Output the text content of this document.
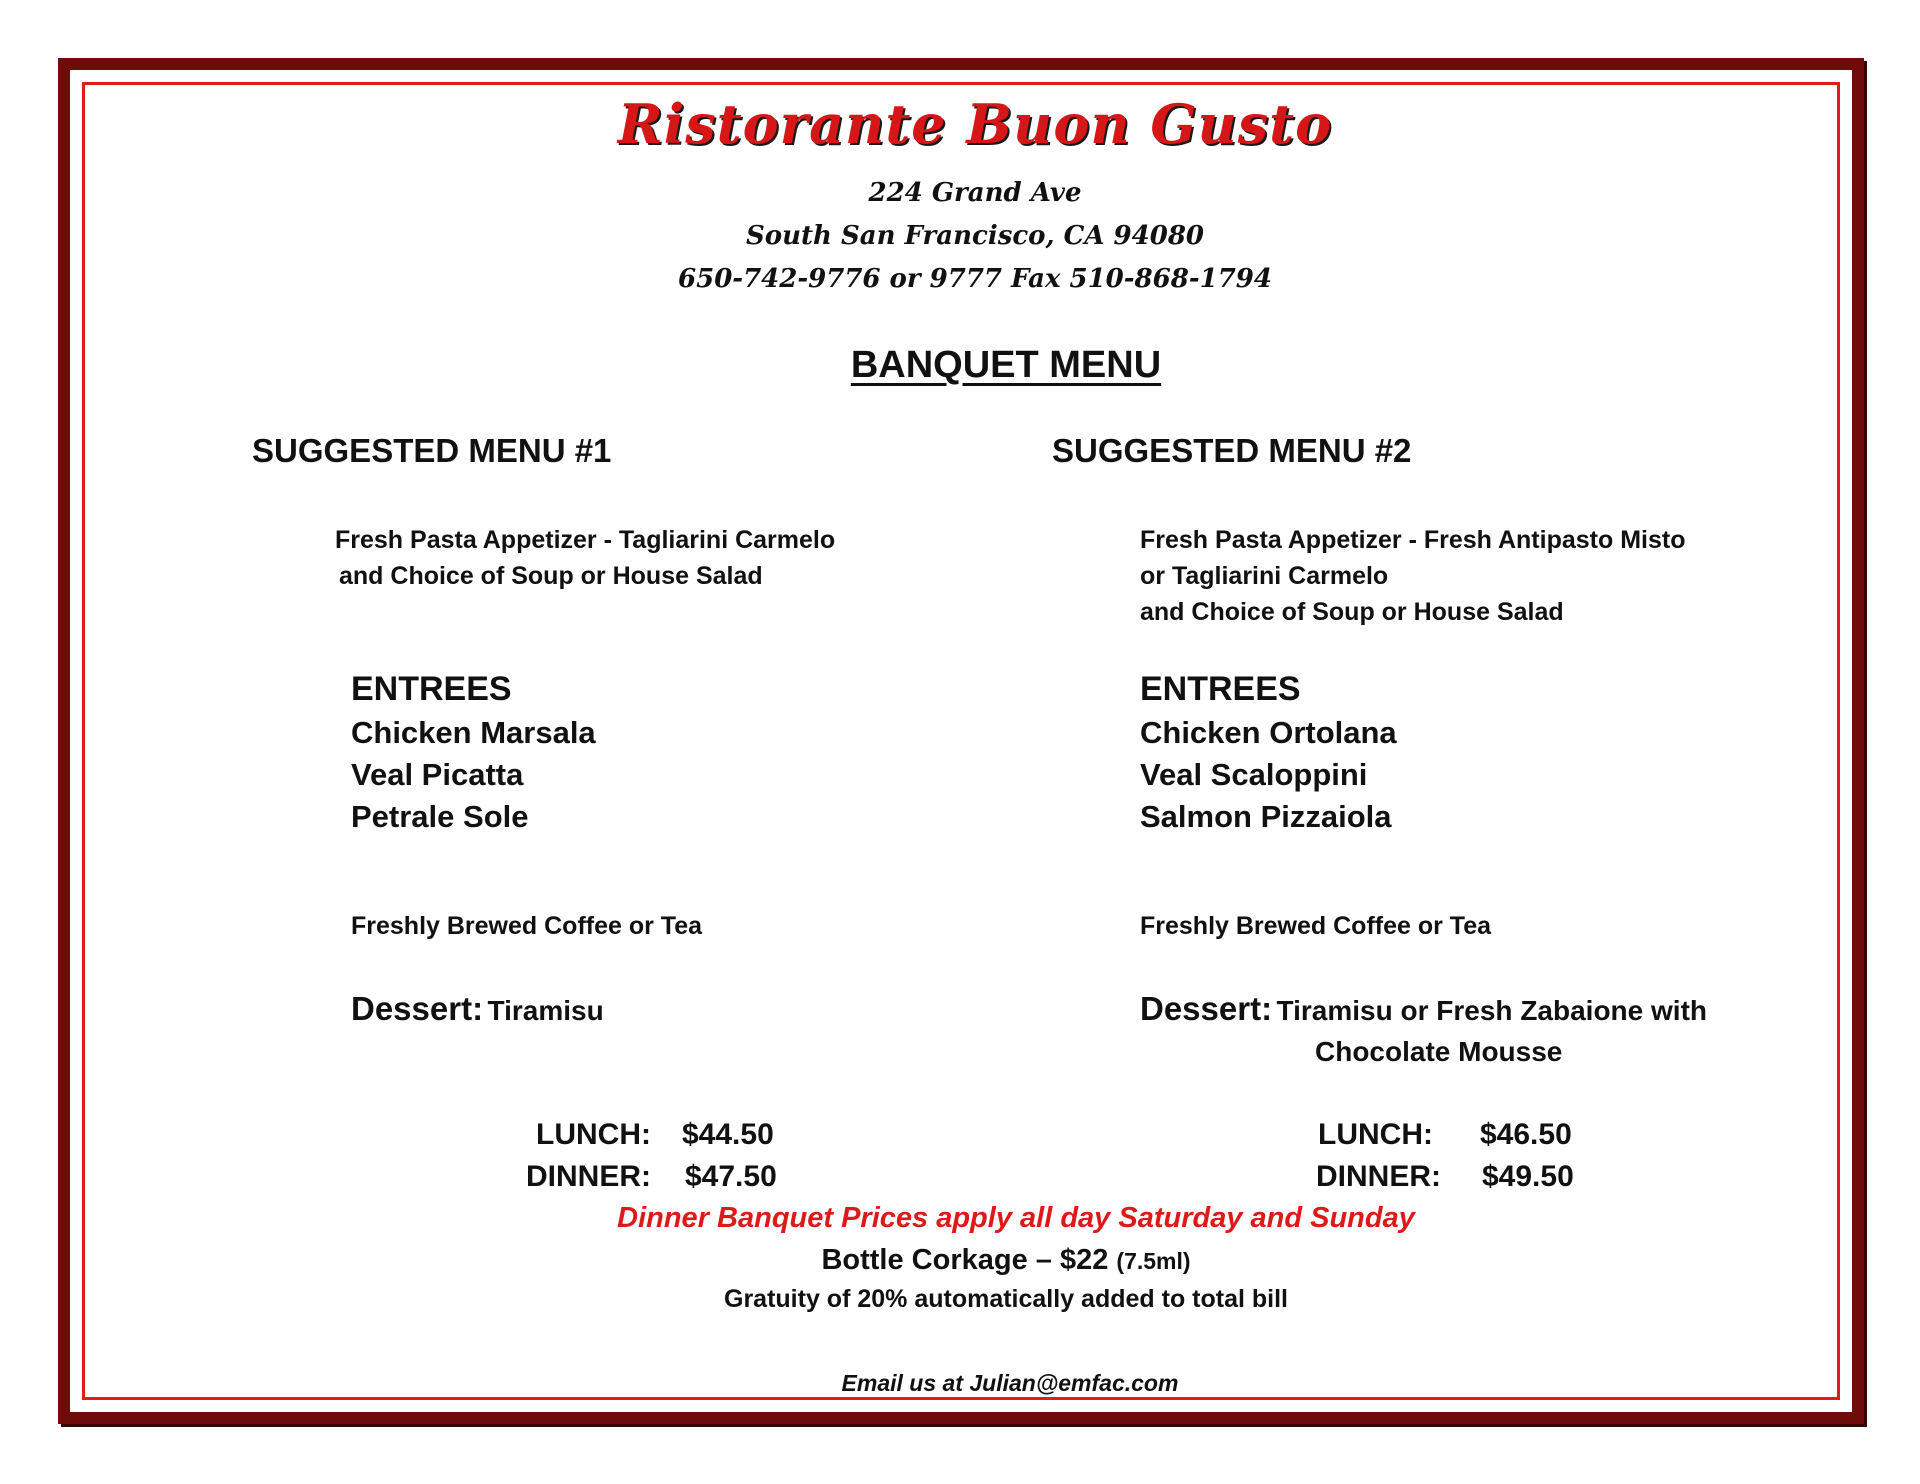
Ristorante Buon Gusto
224 Grand Ave
South San Francisco, CA 94080
650-742-9776 or 9777 Fax 510-868-1794
BANQUET MENU
SUGGESTED MENU #1
Fresh Pasta Appetizer - Tagliarini Carmelo
and Choice of Soup or House Salad
ENTREES
Chicken Marsala
Veal Picatta
Petrale Sole
Freshly Brewed Coffee or Tea
Dessert: Tiramisu
LUNCH: $44.50
DINNER: $47.50
SUGGESTED MENU #2
Fresh Pasta Appetizer - Fresh Antipasto Misto
or Tagliarini Carmelo
and Choice of Soup or House Salad
ENTREES
Chicken Ortolana
Veal Scaloppini
Salmon Pizzaiola
Freshly Brewed Coffee or Tea
Dessert: Tiramisu or Fresh Zabaione with
Chocolate Mousse
LUNCH: $46.50
DINNER: $49.50
Dinner Banquet Prices apply all day Saturday and Sunday
Bottle Corkage – $22 (7.5ml)
Gratuity of 20% automatically added to total bill
Email us at Julian@emfac.com
